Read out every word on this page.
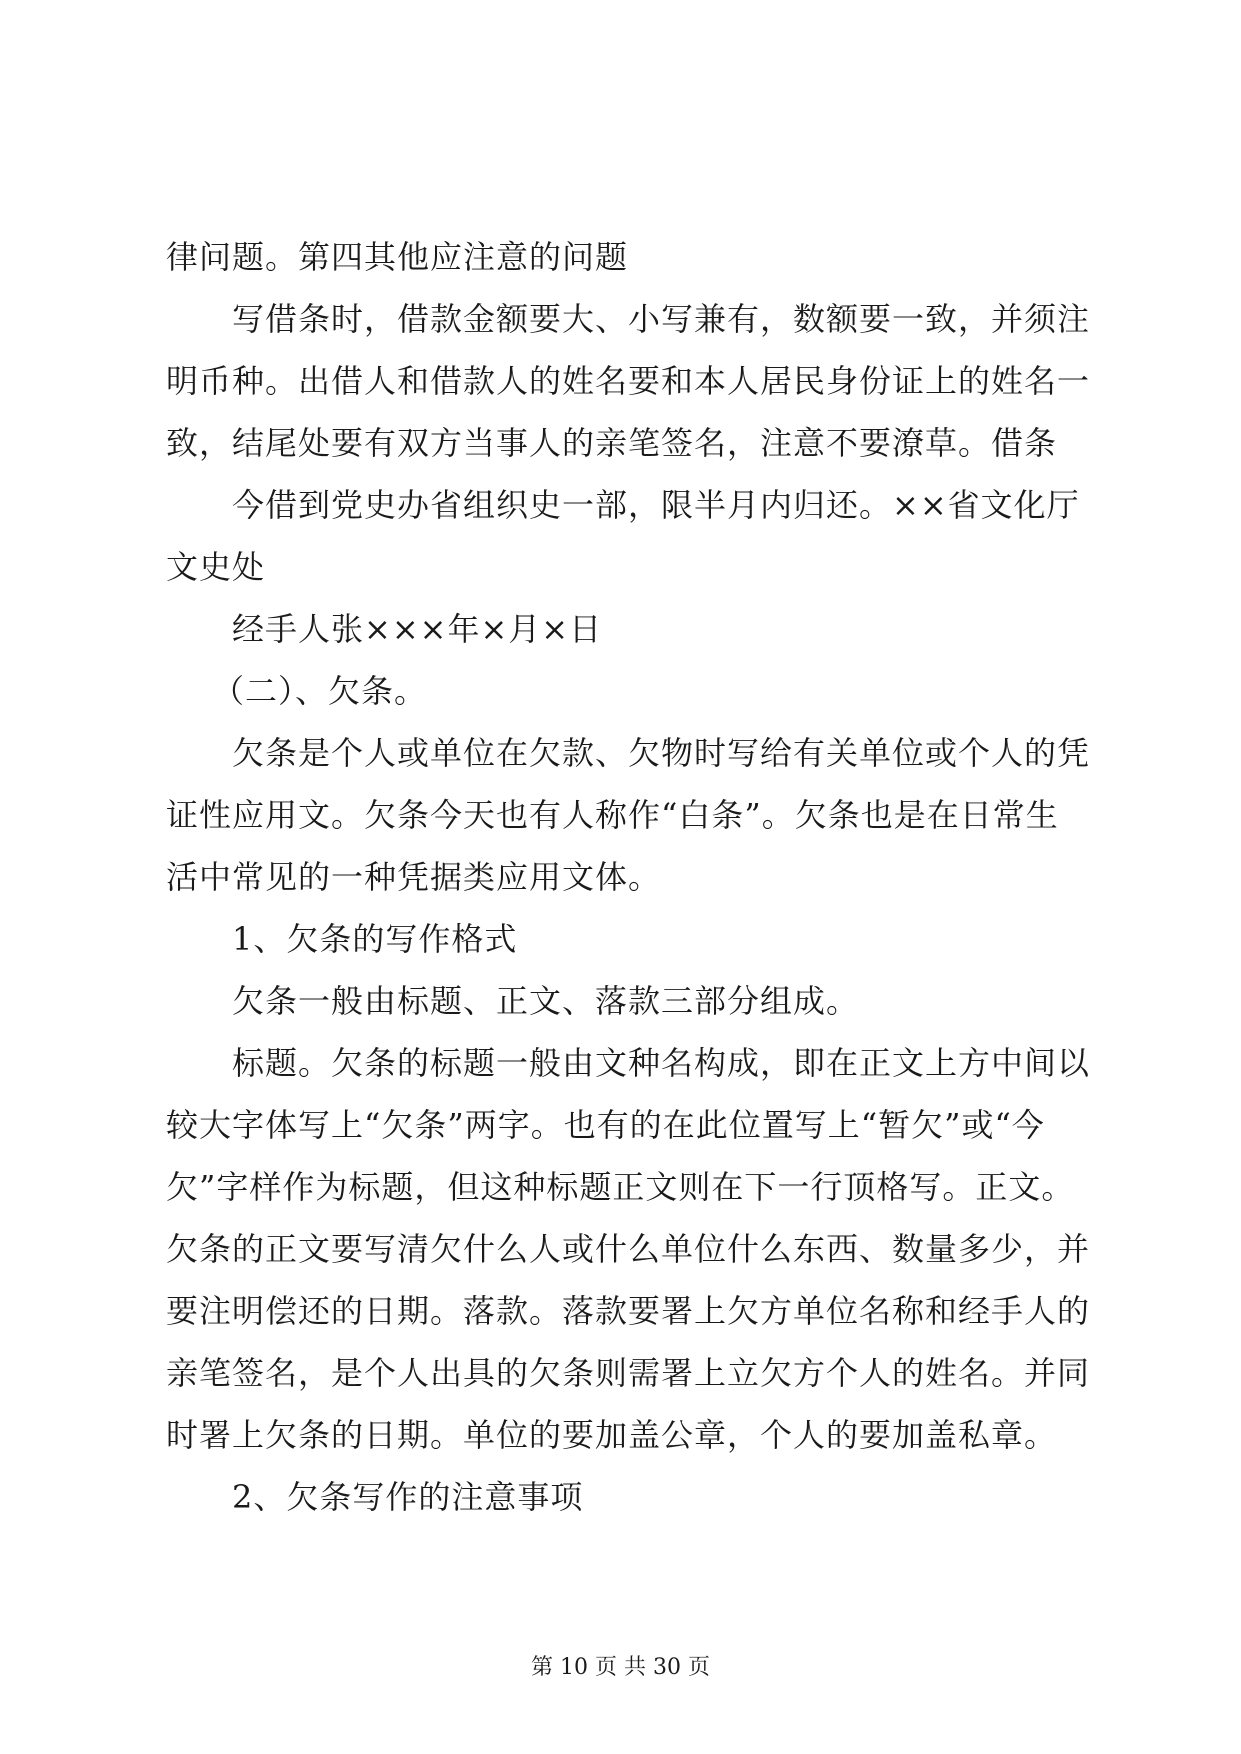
律问题。第四其他应注意的问题
写借条时，借款金额要大、小写兼有，数额要一致，并须注
明币种。出借人和借款人的姓名要和本人居民身份证上的姓名一
致，结尾处要有双方当事人的亲笔签名，注意不要潦草。借条
今借到党史办省组织史一部，限半月内归还。××省文化厅
文史处
经手人张×××年×月×日
（二）、欠条。
欠条是个人或单位在欠款、欠物时写给有关单位或个人的凭
证性应用文。欠条今天也有人称作“白条”。欠条也是在日常生
活中常见的一种凭据类应用文体。
1、欠条的写作格式
欠条一般由标题、正文、落款三部分组成。
标题。欠条的标题一般由文种名构成，即在正文上方中间以
较大字体写上“欠条”两字。也有的在此位置写上“暂欠”或“今
欠”字样作为标题，但这种标题正文则在下一行顶格写。正文。
欠条的正文要写清欠什么人或什么单位什么东西、数量多少，并
要注明偿还的日期。落款。落款要署上欠方单位名称和经手人的
亲笔签名，是个人出具的欠条则需署上立欠方个人的姓名。并同
时署上欠条的日期。单位的要加盖公章，个人的要加盖私章。
2、欠条写作的注意事项
第 10 页 共 30 页
